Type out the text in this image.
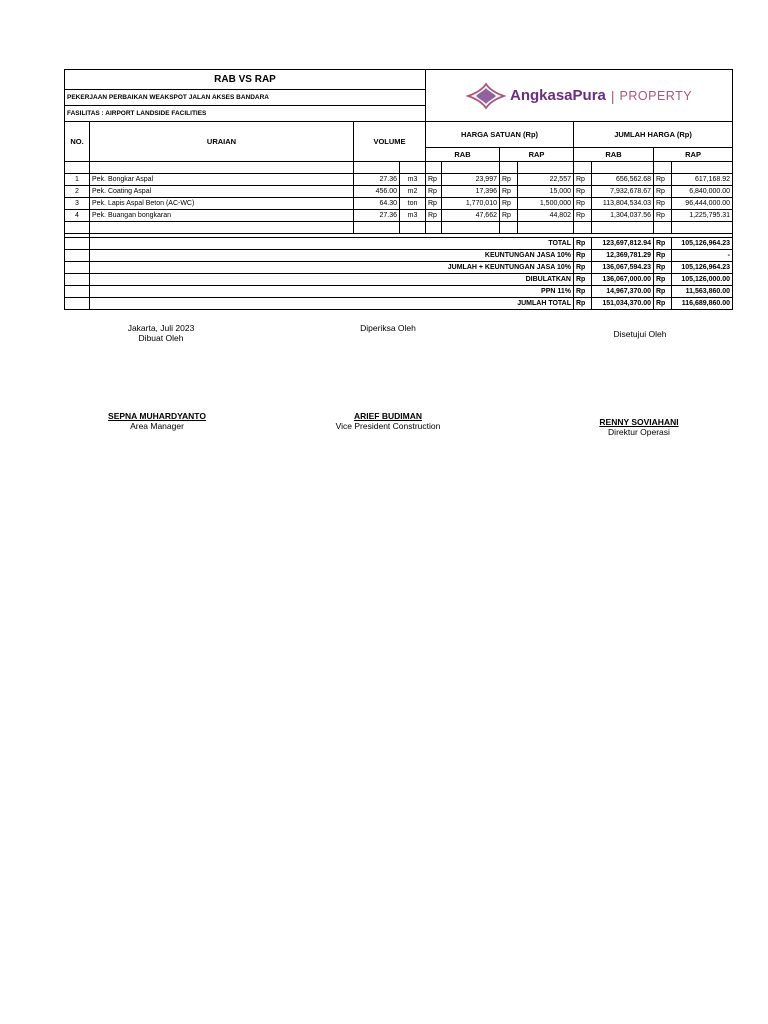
RAB VS RAP				AngkasaPura | PROPERTY							

PEKERJAAN PERBAIKAN WEAKSPOT JALAN AKSES BANDARA											
FASILITAS : AIRPORT LANDSIDE FACILITIES											
NO.	URAIAN	VOLUME		HARGA SATUAN (Rp)				JUMLAH HARGA (Rp)			
				RAB		RAP		RAB		RAP	

1	Pek. Bongkar Aspal	27.36	m3	Rp	23,997	Rp	22,557	Rp	656,562.68	Rp	617,168.92
2	Pek. Coating Aspal	456.00	m2	Rp	17,396	Rp	15,000	Rp	7,932,678.67	Rp	6,840,000.00
3	Pek. Lapis Aspal Beton (AC-WC)	64.30	ton	Rp	1,770,010	Rp	1,500,000	Rp	113,804,534.03	Rp	96,444,000.00
4	Pek. Buangan bongkaran	27.36	m3	Rp	47,662	Rp	44,802	Rp	1,304,037.56	Rp	1,225,795.31

	TOTAL	Rp	123,697,812.94	Rp	105,126,964.23
	KEUNTUNGAN JASA 10%	Rp	12,369,781.29	Rp	-
	JUMLAH + KEUNTUNGAN JASA 10%	Rp	136,067,594.23	Rp	105,126,964.23
	DIBULATKAN	Rp	136,067,000.00	Rp	105,126,000.00
	PPN 11%	Rp	14,967,370.00	Rp	11,563,860.00
	JUMLAH TOTAL	Rp	151,034,370.00	Rp	116,689,860.00
Jakarta, Juli 2023
Dibuat Oleh
Diperiksa Oleh
Disetujui Oleh
SEPNA MUHARDYANTO
Area Manager
ARIEF BUDIMAN
Vice President Construction	RENNY SOVIAHANI
Direktur Operasi
